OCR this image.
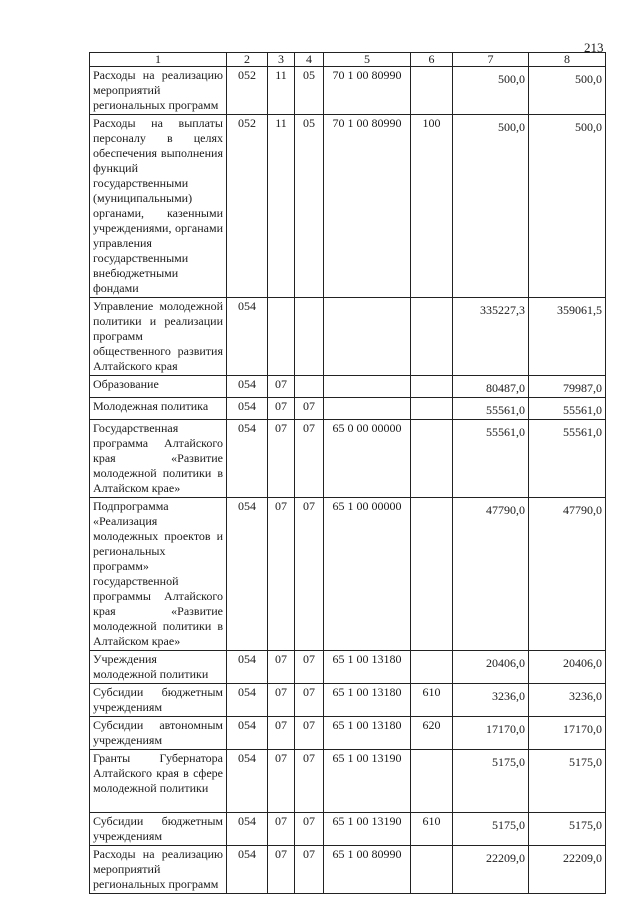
213
1	2	3	4	5	6	7	8
Расходы на реализацию мероприятий региональных программ	052	11	05	70 1 00 80990		500,0	500,0
Расходы на выплаты персоналу в целях обеспечения выполнения функций государственными (муниципальными) органами, казенными учреждениями, органами управления государственными внебюджетными фондами	052	11	05	70 1 00 80990	100	500,0	500,0
Управление молодежной политики и реализации программ общественного развития Алтайского края	054					335227,3	359061,5
Образование	054	07				80487,0	79987,0
Молодежная политика	054	07	07			55561,0	55561,0
Государственная программа Алтайского края «Развитие молодежной политики в Алтайском крае»	054	07	07	65 0 00 00000		55561,0	55561,0
Подпрограмма «Реализация молодежных проектов и региональных программ» государственной программы Алтайского края «Развитие молодежной политики в Алтайском крае»	054	07	07	65 1 00 00000		47790,0	47790,0
Учреждения молодежной политики	054	07	07	65 1 00 13180		20406,0	20406,0
Субсидии бюджетным учреждениям	054	07	07	65 1 00 13180	610	3236,0	3236,0
Субсидии автономным учреждениям	054	07	07	65 1 00 13180	620	17170,0	17170,0
Гранты Губернатора Алтайского края в сфере молодежной политики	054	07	07	65 1 00 13190		5175,0	5175,0
Субсидии бюджетным учреждениям	054	07	07	65 1 00 13190	610	5175,0	5175,0
Расходы на реализацию мероприятий региональных программ	054	07	07	65 1 00 80990		22209,0	22209,0
